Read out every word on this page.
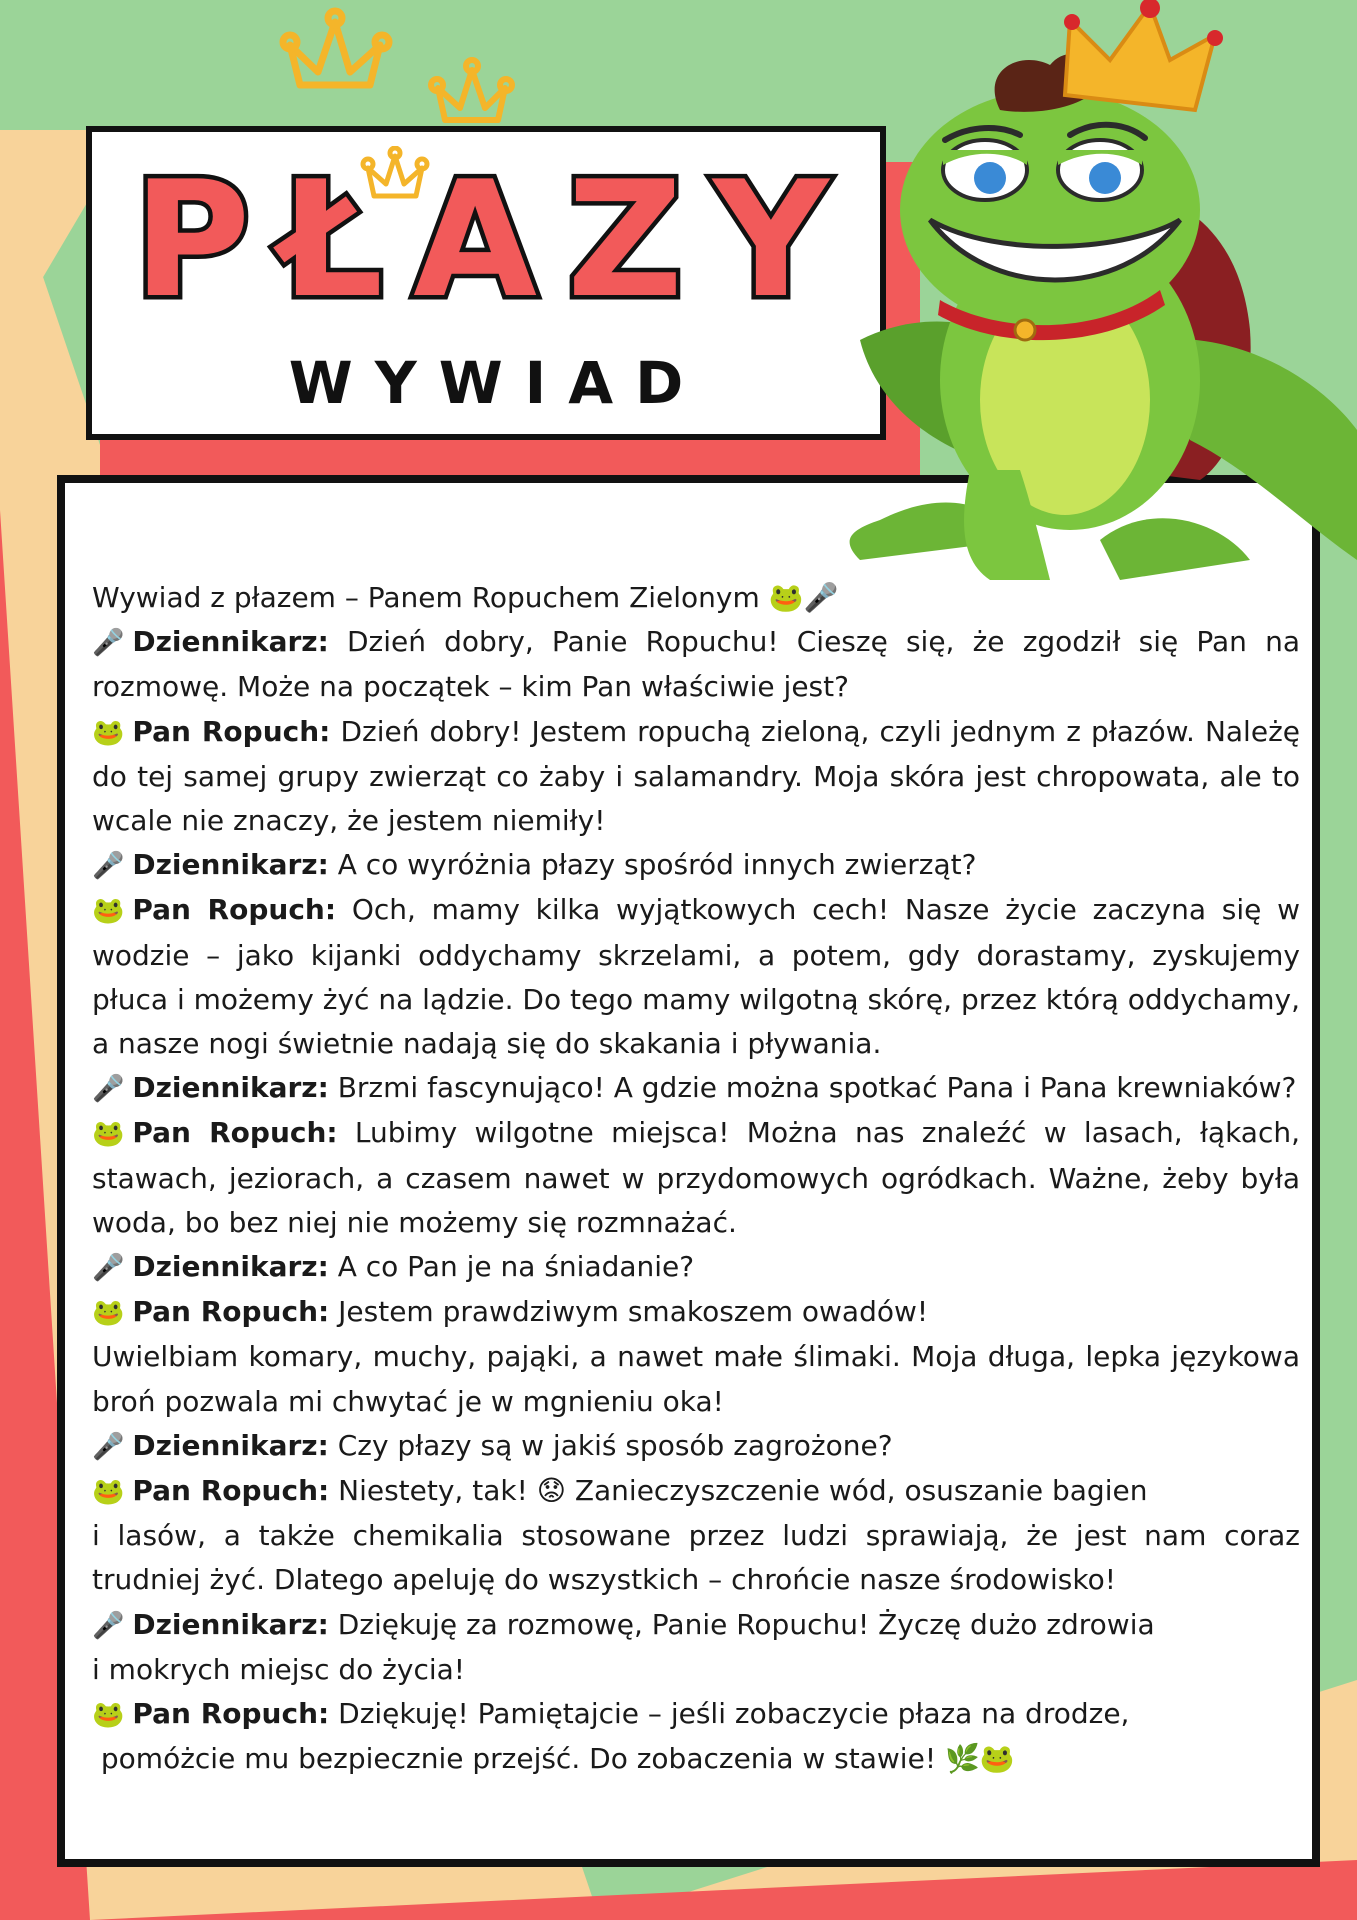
PŁAZY
WYWIAD

Wywiad z płazem – Panem Ropuchem Zielonym 🐸🎤

🎤 Dziennikarz: Dzień dobry, Panie Ropuchu! Cieszę się, że zgodził się Pan na rozmowę. Może na początek – kim Pan właściwie jest?

🐸 Pan Ropuch: Dzień dobry! Jestem ropuchą zieloną, czyli jednym z płazów. Należę do tej samej grupy zwierząt co żaby i salamandry. Moja skóra jest chropowata, ale to wcale nie znaczy, że jestem niemiły!

🎤 Dziennikarz: A co wyróżnia płazy spośród innych zwierząt?

🐸 Pan Ropuch: Och, mamy kilka wyjątkowych cech! Nasze życie zaczyna się w wodzie – jako kijanki oddychamy skrzelami, a potem, gdy dorastamy, zyskujemy płuca i możemy żyć na lądzie. Do tego mamy wilgotną skórę, przez którą oddychamy, a nasze nogi świetnie nadają się do skakania i pływania.

🎤 Dziennikarz: Brzmi fascynująco! A gdzie można spotkać Pana i Pana krewniaków?

🐸 Pan Ropuch: Lubimy wilgotne miejsca! Można nas znaleźć w lasach, łąkach, stawach, jeziorach, a czasem nawet w przydomowych ogródkach. Ważne, żeby była woda, bo bez niej nie możemy się rozmnażać.

🎤 Dziennikarz: A co Pan je na śniadanie?

🐸 Pan Ropuch: Jestem prawdziwym smakoszem owadów!

Uwielbiam komary, muchy, pająki, a nawet małe ślimaki. Moja długa, lepka językowa broń pozwala mi chwytać je w mgnieniu oka!

🎤 Dziennikarz: Czy płazy są w jakiś sposób zagrożone?

🐸 Pan Ropuch: Niestety, tak! 😟 Zanieczyszczenie wód, osuszanie bagien

i lasów, a także chemikalia stosowane przez ludzi sprawiają, że jest nam coraz trudniej żyć. Dlatego apeluję do wszystkich – chrońcie nasze środowisko!

🎤 Dziennikarz: Dziękuję za rozmowę, Panie Ropuchu! Życzę dużo zdrowia

i mokrych miejsc do życia!

🐸 Pan Ropuch: Dziękuję! Pamiętajcie – jeśli zobaczycie płaza na drodze,

pomóżcie mu bezpiecznie przejść. Do zobaczenia w stawie! 🌿🐸
